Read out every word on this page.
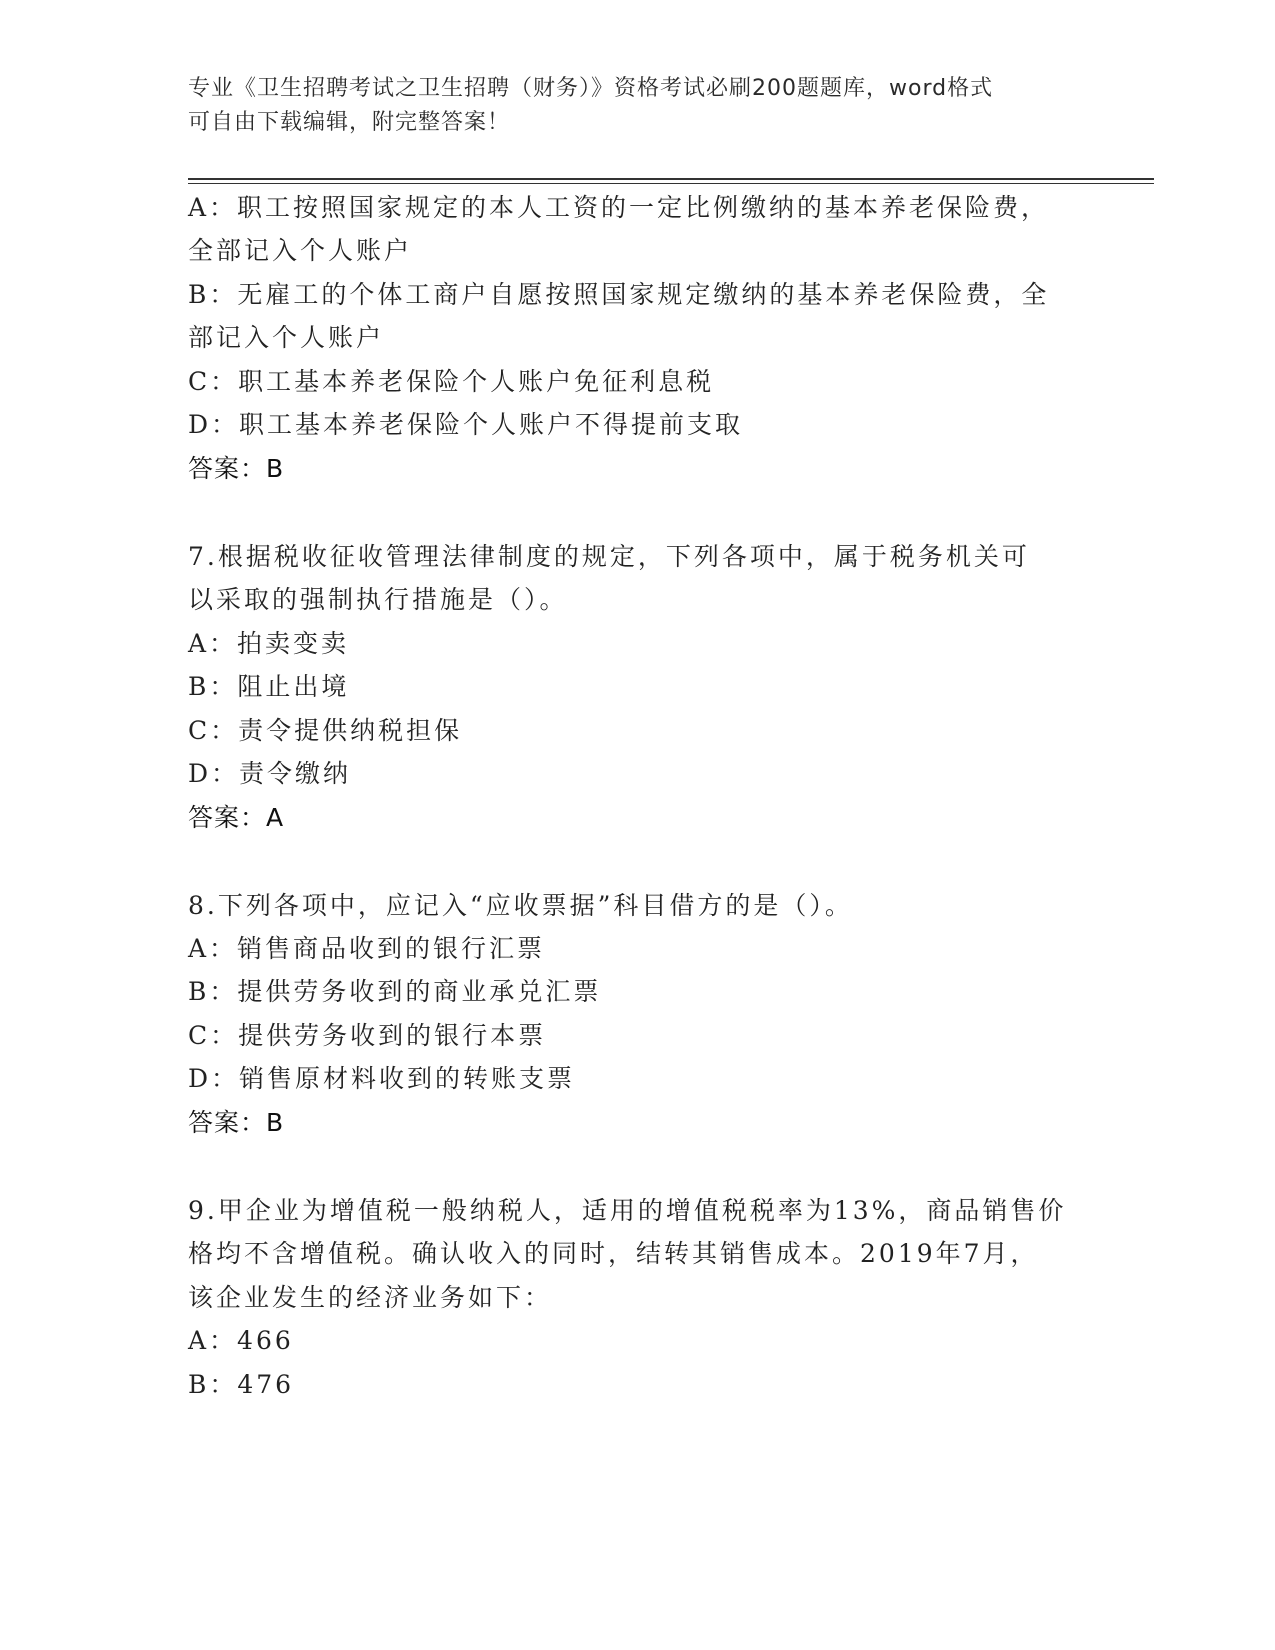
专业《卫生招聘考试之卫生招聘（财务）》资格考试必刷200题题库，word格式
可自由下载编辑，附完整答案！
A：职工按照国家规定的本人工资的一定比例缴纳的基本养老保险费，
全部记入个人账户
B：无雇工的个体工商户自愿按照国家规定缴纳的基本养老保险费，全
部记入个人账户
C：职工基本养老保险个人账户免征利息税
D：职工基本养老保险个人账户不得提前支取
答案：B
7.根据税收征收管理法律制度的规定，下列各项中，属于税务机关可
以采取的强制执行措施是（）。
A：拍卖变卖
B：阻止出境
C：责令提供纳税担保
D：责令缴纳
答案：A
8.下列各项中，应记入“应收票据”科目借方的是（）。
A：销售商品收到的银行汇票
B：提供劳务收到的商业承兑汇票
C：提供劳务收到的银行本票
D：销售原材料收到的转账支票
答案：B
9.甲企业为增值税一般纳税人，适用的增值税税率为13%，商品销售价
格均不含增值税。确认收入的同时，结转其销售成本。2019年7月，
该企业发生的经济业务如下：
A：466
B：476
